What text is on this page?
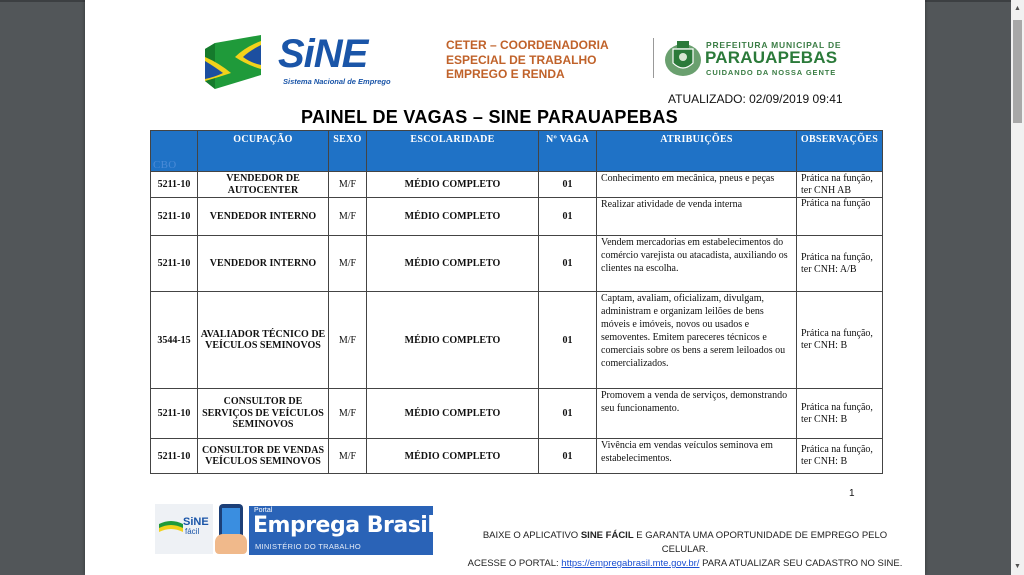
SiNE
Sistema Nacional de Emprego
CETER – COORDENADORIA
ESPECIAL DE TRABALHO
EMPREGO E RENDA
PREFEITURA MUNICIPAL DE
PARAUAPEBAS
CUIDANDO DA NOSSA GENTE
ATUALIZADO: 02/09/2019 09:41
PAINEL DE VAGAS – SINE PARAUAPEBAS
CBO	OCUPAÇÃO	SEXO	ESCOLARIDADE	Nº VAGA	ATRIBUIÇÕES	OBSERVAÇÕES
5211-10	VENDEDOR DE AUTOCENTER	M/F	MÉDIO COMPLETO	01	Conhecimento em mecânica, pneus e peças	Prática na função, ter CNH AB
5211-10	VENDEDOR INTERNO	M/F	MÉDIO COMPLETO	01	Realizar atividade de venda interna	Prática na função
5211-10	VENDEDOR INTERNO	M/F	MÉDIO COMPLETO	01	Vendem mercadorias em estabelecimentos do comércio varejista ou atacadista, auxiliando os clientes na escolha.	Prática na função, ter CNH: A/B
3544-15	AVALIADOR TÉCNICO DE VEÍCULOS SEMINOVOS	M/F	MÉDIO COMPLETO	01	Captam, avaliam, oficializam, divulgam, administram e organizam leilões de bens móveis e imóveis, novos ou usados e semoventes. Emitem pareceres técnicos e comerciais sobre os bens a serem leiloados ou comercializados.	Prática na função, ter CNH: B
5211-10	CONSULTOR DE SERVIÇOS DE VEÍCULOS SEMINOVOS	M/F	MÉDIO COMPLETO	01	Promovem a venda de serviços, demonstrando seu funcionamento.	Prática na função, ter CNH: B
5211-10	CONSULTOR DE VENDAS VEÍCULOS SEMINOVOS	M/F	MÉDIO COMPLETO	01	Vivência em vendas veículos seminova em estabelecimentos.	Prática na função, ter CNH: B
1
SiNE
fácil
Portal
Emprega Brasil
MINISTÉRIO DO TRABALHO
BAIXE O APLICATIVO SINE FÁCIL E GARANTA UMA OPORTUNIDADE DE EMPREGO PELO CELULAR.
ACESSE O PORTAL: https://empregabrasil.mte.gov.br/ PARA ATUALIZAR SEU CADASTRO NO SINE.
▲
▼
